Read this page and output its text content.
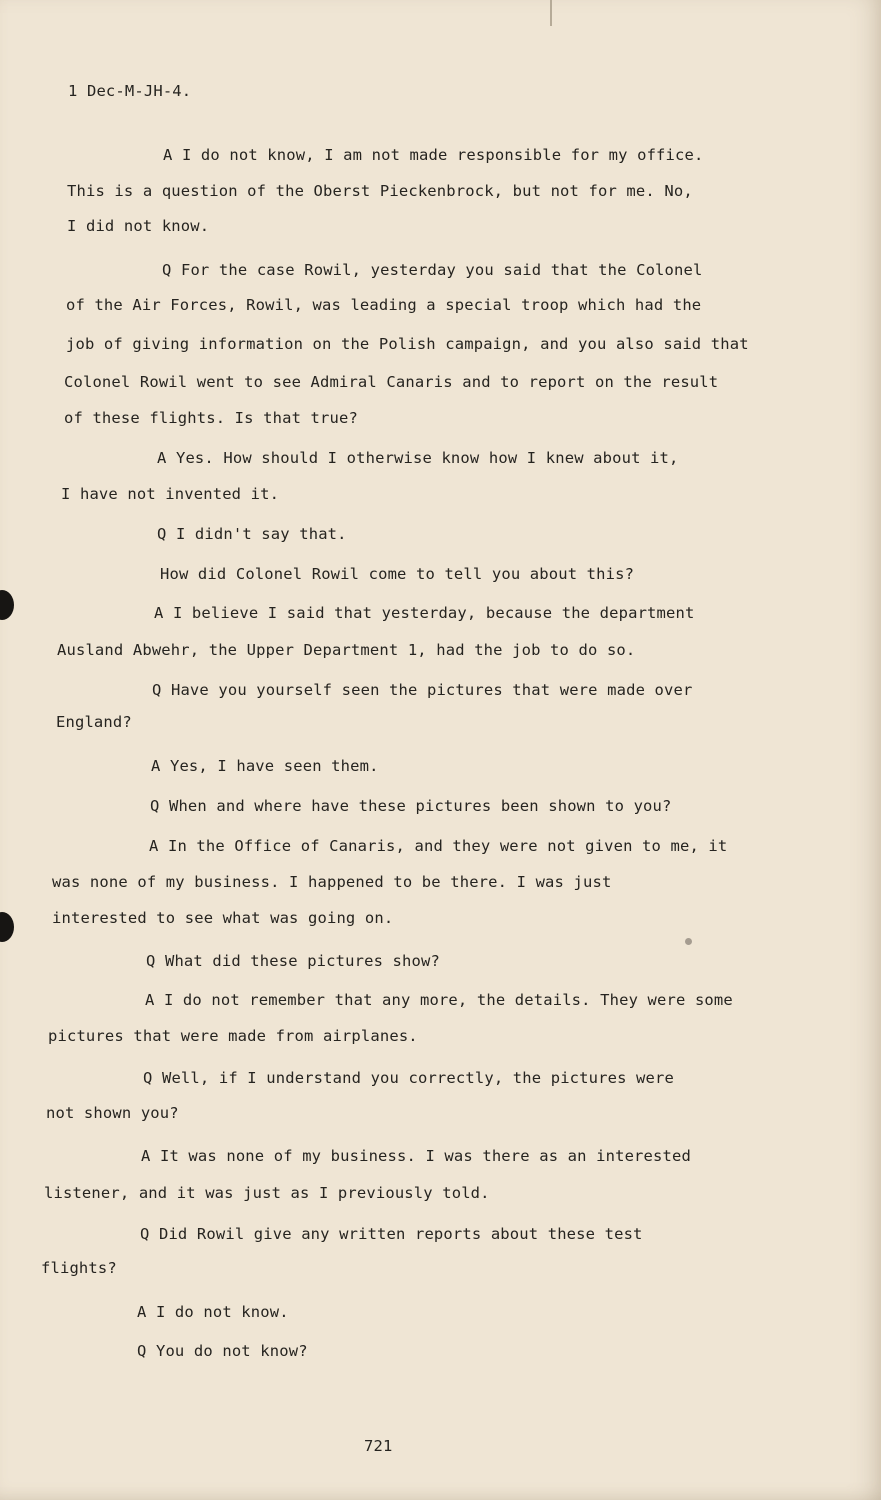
1 Dec-M-JH-4.
A I do not know, I am not made responsible for my office.
This is a question of the Oberst Pieckenbrock, but not for me. No,
I did not know.
Q For the case Rowil, yesterday you said that the Colonel
of the Air Forces, Rowil, was leading a special troop which had the
job of giving information on the Polish campaign, and you also said that
Colonel Rowil went to see Admiral Canaris and to report on the result
of these flights. Is that true?
A Yes. How should I otherwise know how I knew about it,
I have not invented it.
Q I didn't say that.
How did Colonel Rowil come to tell you about this?
A I believe I said that yesterday, because the department
Ausland Abwehr, the Upper Department 1, had the job to do so.
Q Have you yourself seen the pictures that were made over
England?
A Yes, I have seen them.
Q When and where have these pictures been shown to you?
A In the Office of Canaris, and they were not given to me, it
was none of my business. I happened to be there. I was just
interested to see what was going on.
Q What did these pictures show?
A I do not remember that any more, the details. They were some
pictures that were made from airplanes.
Q Well, if I understand you correctly, the pictures were
not shown you?
A It was none of my business. I was there as an interested
listener, and it was just as I previously told.
Q Did Rowil give any written reports about these test
flights?
A I do not know.
Q You do not know?
721
